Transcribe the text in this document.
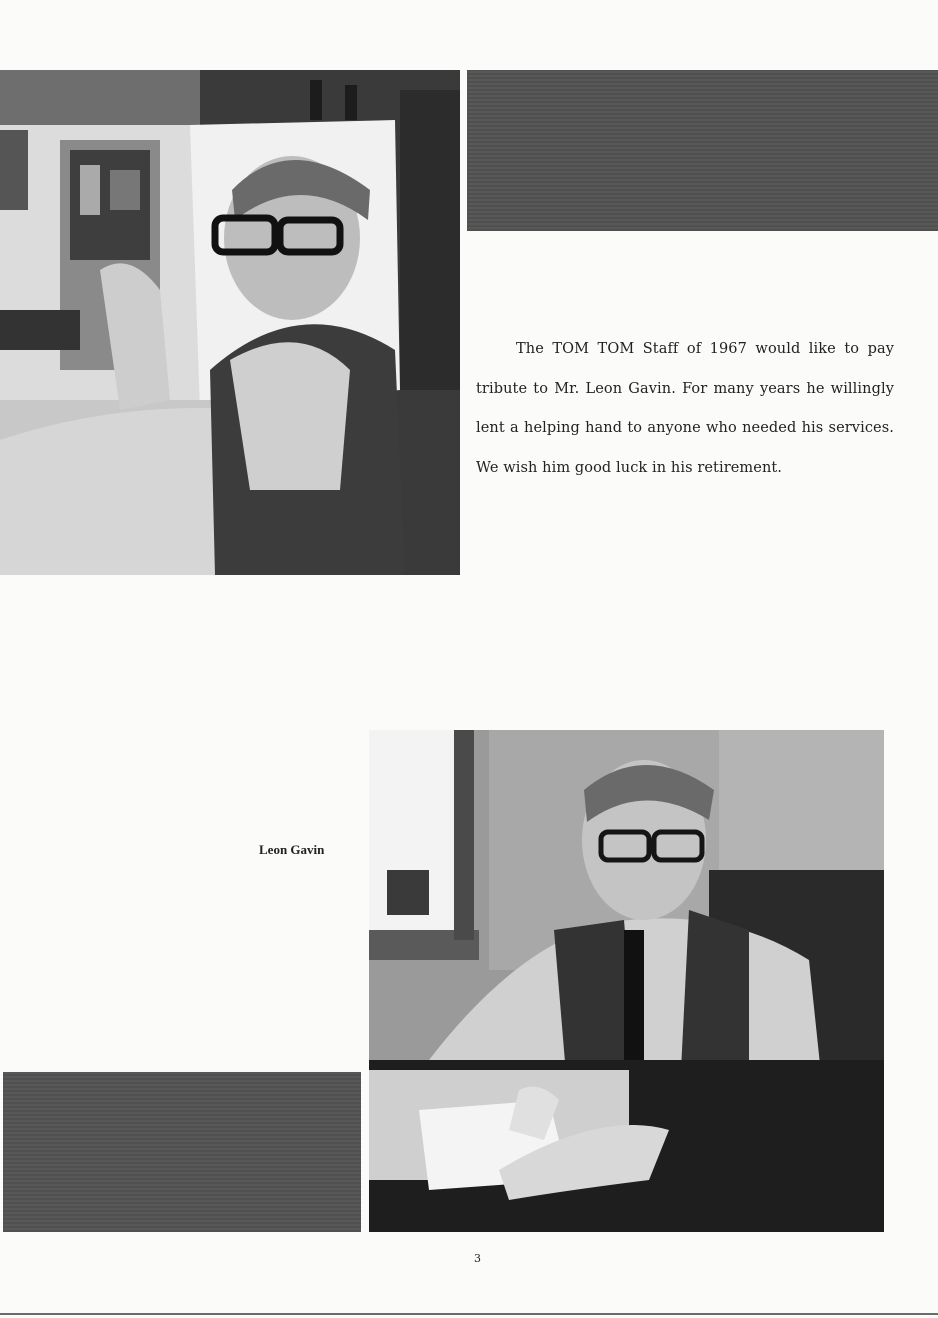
The TOM TOM Staff of 1967 would like to pay tribute to Mr. Leon Gavin. For many years he willingly lent a helping hand to anyone who needed his services. We wish him good luck in his retirement.

Leon Gavin

3
